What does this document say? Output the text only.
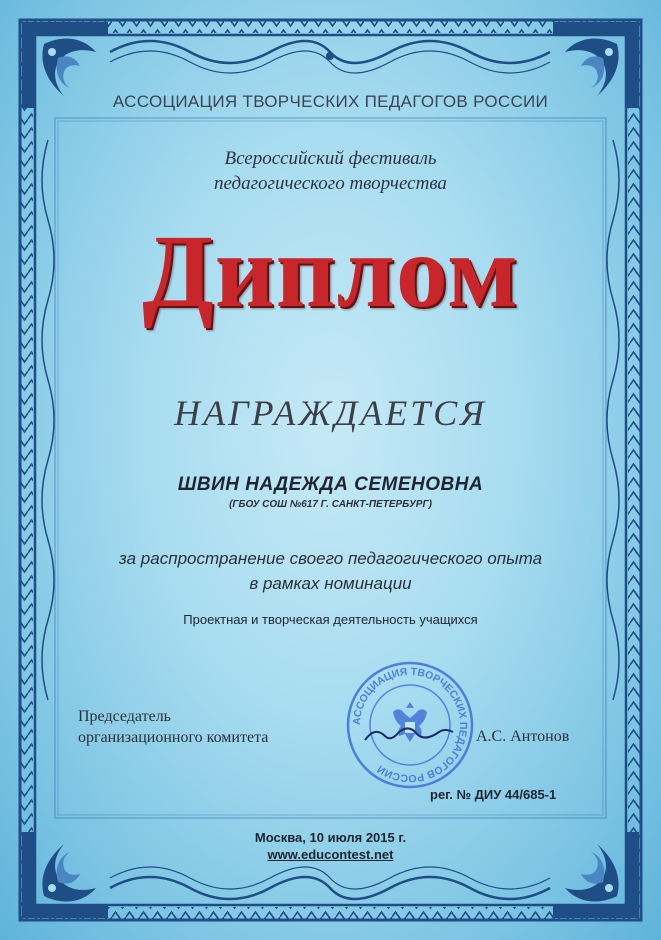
АССОЦИАЦИЯ ТВОРЧЕСКИХ ПЕДАГОГОВ РОССИИ
Всероссийский фестиваль
педагогического творчества
Диплом
НАГРАЖДАЕТСЯ
ШВИН НАДЕЖДА СЕМЕНОВНА
(ГБОУ СОШ №617 Г. САНКТ-ПЕТЕРБУРГ)
за распространение своего педагогического опыта
в рамках номинации
Проектная и творческая деятельность учащихся
Председатель
организационного комитета
АССОЦИАЦИЯ ТВОРЧЕСКИХ ПЕДАГОГОВ РОССИИ
А.С. Антонов
рег. № ДИУ 44/685-1
Москва, 10 июля 2015 г.
www.educontest.net
